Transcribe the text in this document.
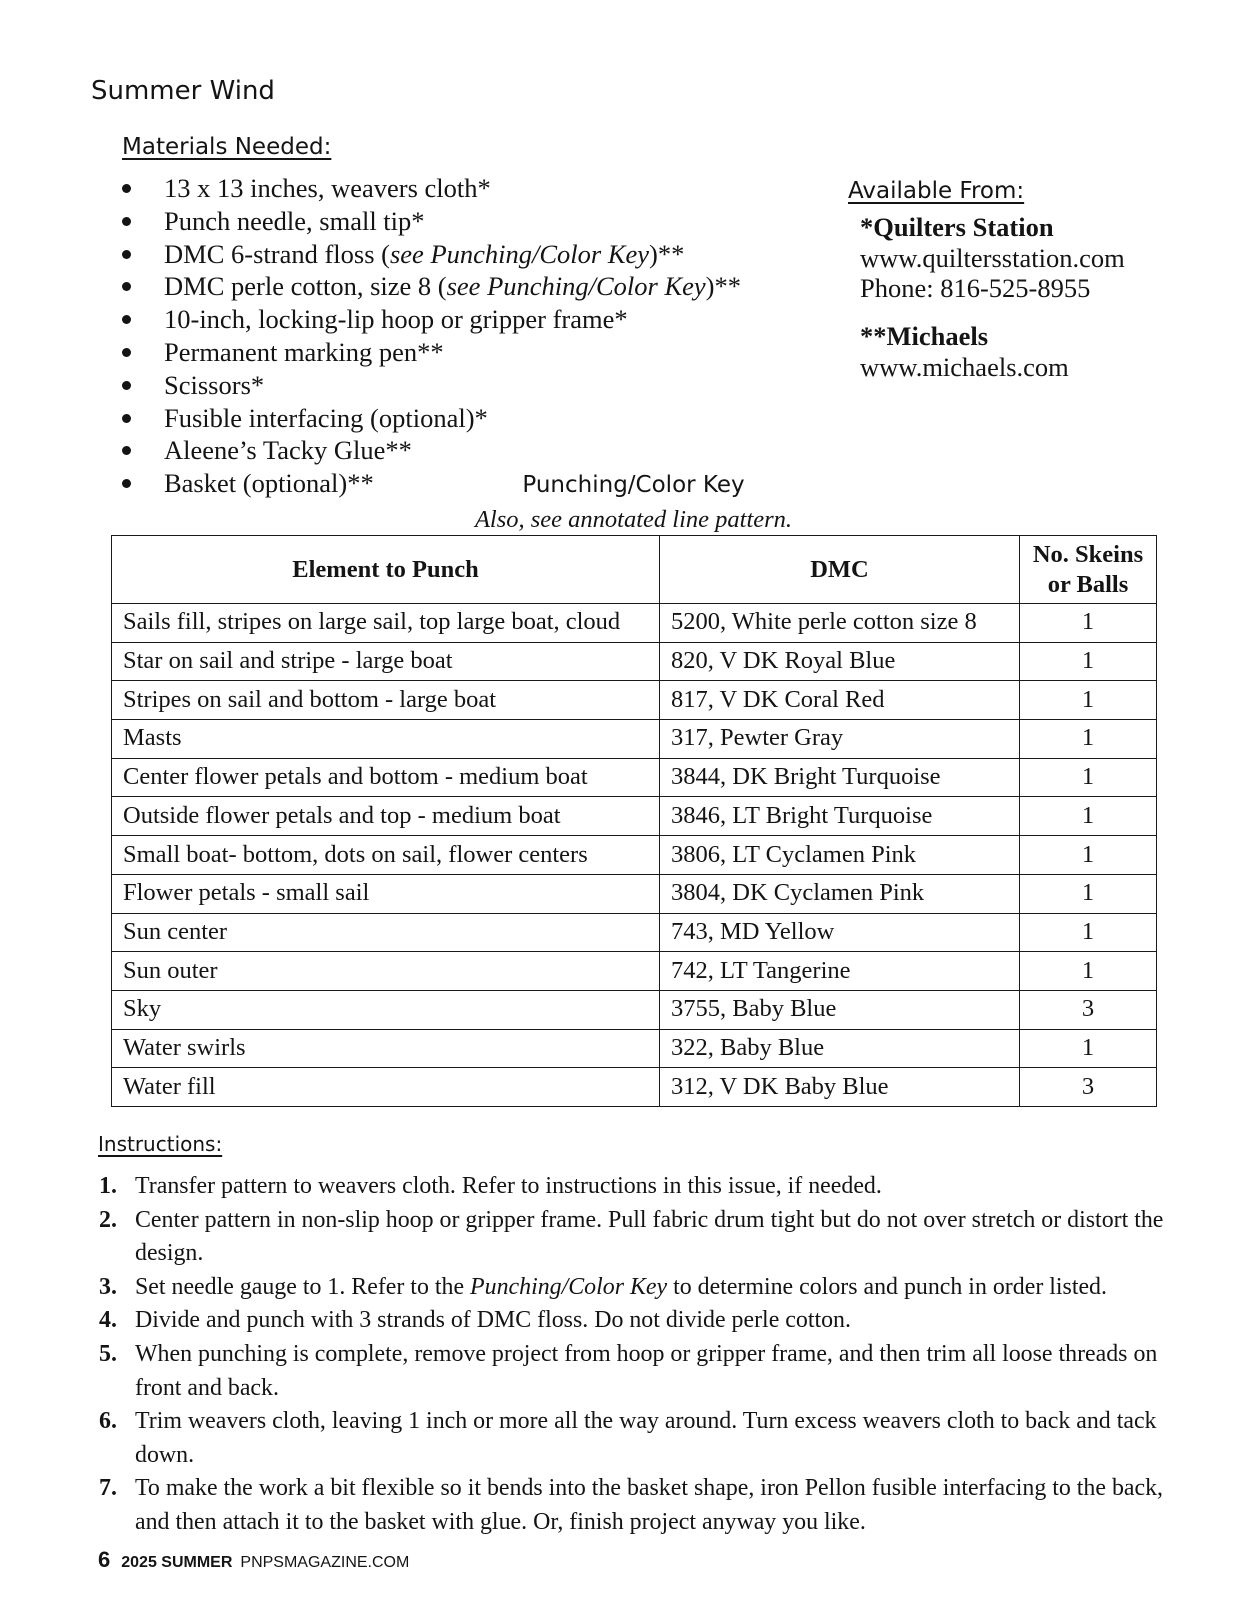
Summer Wind
Materials Needed:
13 x 13 inches, weavers cloth*
Punch needle, small tip*
DMC 6-strand floss (see Punching/Color Key)**
DMC perle cotton, size 8 (see Punching/Color Key)**
10-inch, locking-lip hoop or gripper frame*
Permanent marking pen**
Scissors*
Fusible interfacing (optional)*
Aleene’s Tacky Glue**
Basket (optional)**
Available From:
*Quilters Station
www.quiltersstation.com
Phone: 816-525-8955
**Michaels
www.michaels.com
Punching/Color Key
Also, see annotated line pattern.
Element to Punch	DMC	No. Skeins or Balls
Sails fill, stripes on large sail, top large boat, cloud	5200, White perle cotton size 8	1
Star on sail and stripe - large boat	820, V DK Royal Blue	1
Stripes on sail and bottom - large boat	817, V DK Coral Red	1
Masts	317, Pewter Gray	1
Center flower petals and bottom - medium boat	3844, DK Bright Turquoise	1
Outside flower petals and top - medium boat	3846, LT Bright Turquoise	1
Small boat- bottom, dots on sail, flower centers	3806, LT Cyclamen Pink	1
Flower petals - small sail	3804, DK Cyclamen Pink	1
Sun center	743, MD Yellow	1
Sun outer	742, LT Tangerine	1
Sky	3755, Baby Blue	3
Water swirls	322, Baby Blue	1
Water fill	312, V DK Baby Blue	3
Instructions:
1. Transfer pattern to weavers cloth. Refer to instructions in this issue, if needed.
2. Center pattern in non-slip hoop or gripper frame. Pull fabric drum tight but do not over stretch or distort the design.
3. Set needle gauge to 1. Refer to the Punching/Color Key to determine colors and punch in order listed.
4. Divide and punch with 3 strands of DMC floss. Do not divide perle cotton.
5. When punching is complete, remove project from hoop or gripper frame, and then trim all loose threads on front and back.
6. Trim weavers cloth, leaving 1 inch or more all the way around. Turn excess weavers cloth to back and tack down.
7. To make the work a bit flexible so it bends into the basket shape, iron Pellon fusible interfacing to the back, and then attach it to the basket with glue. Or, finish project anyway you like.
6 2025 SUMMER PNPSMAGAZINE.COM
